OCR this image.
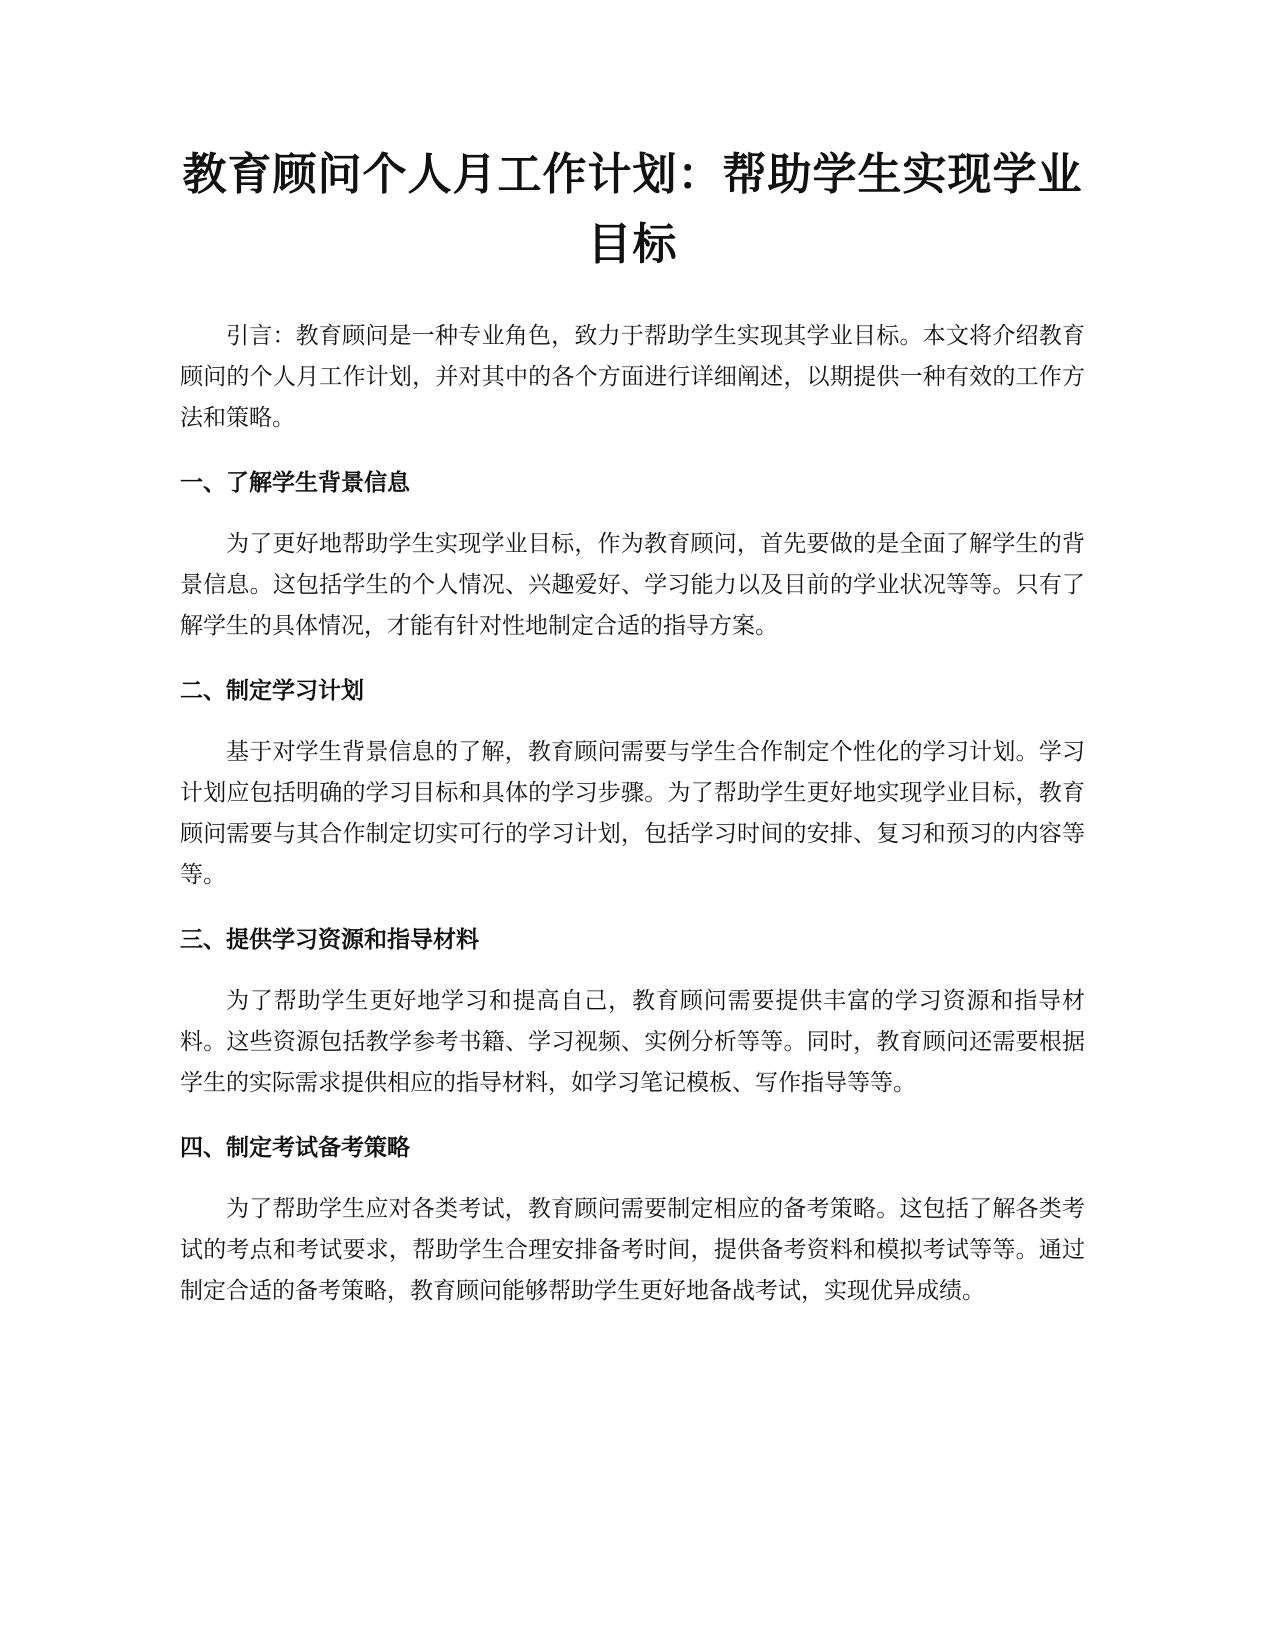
教育顾问个人月工作计划：帮助学生实现学业目标

引言：教育顾问是一种专业角色，致力于帮助学生实现其学业目标。本文将介绍教育顾问的个人月工作计划，并对其中的各个方面进行详细阐述，以期提供一种有效的工作方法和策略。

一、了解学生背景信息

为了更好地帮助学生实现学业目标，作为教育顾问，首先要做的是全面了解学生的背景信息。这包括学生的个人情况、兴趣爱好、学习能力以及目前的学业状况等等。只有了解学生的具体情况，才能有针对性地制定合适的指导方案。

二、制定学习计划

基于对学生背景信息的了解，教育顾问需要与学生合作制定个性化的学习计划。学习计划应包括明确的学习目标和具体的学习步骤。为了帮助学生更好地实现学业目标，教育顾问需要与其合作制定切实可行的学习计划，包括学习时间的安排、复习和预习的内容等等。

三、提供学习资源和指导材料

为了帮助学生更好地学习和提高自己，教育顾问需要提供丰富的学习资源和指导材料。这些资源包括教学参考书籍、学习视频、实例分析等等。同时，教育顾问还需要根据学生的实际需求提供相应的指导材料，如学习笔记模板、写作指导等等。

四、制定考试备考策略

为了帮助学生应对各类考试，教育顾问需要制定相应的备考策略。这包括了解各类考试的考点和考试要求，帮助学生合理安排备考时间，提供备考资料和模拟考试等等。通过制定合适的备考策略，教育顾问能够帮助学生更好地备战考试，实现优异成绩。
